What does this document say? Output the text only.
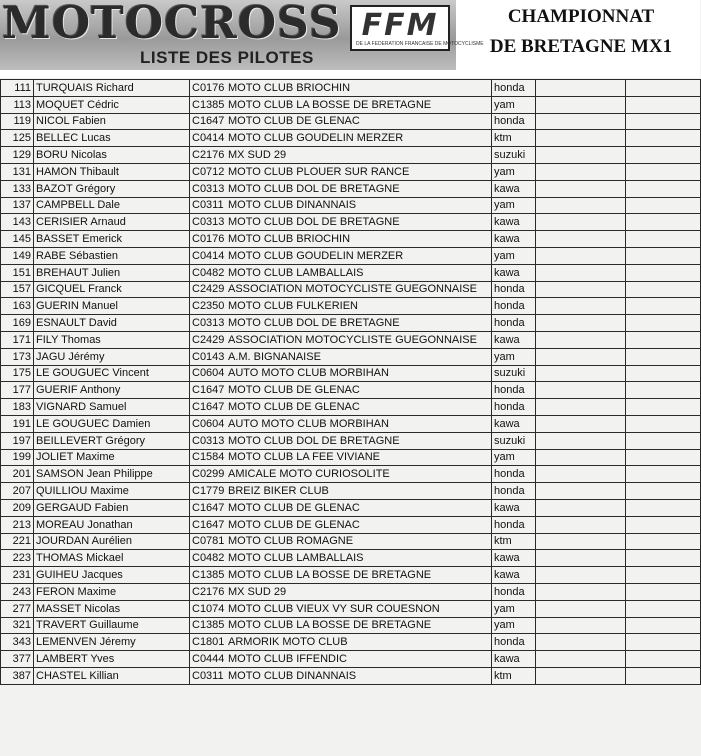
MOTOCROSS
LISTE DES PILOTES
FFM
DE LA FEDERATION FRANCAISE DE MOTOCYCLISME
CHAMPIONNAT
DE BRETAGNE MX1
111	TURQUAIS Richard	C0176 MOTO CLUB BRIOCHIN	honda			
113	MOQUET Cédric	C1385 MOTO CLUB LA BOSSE DE BRETAGNE	yam			
119	NICOL Fabien	C1647 MOTO CLUB DE GLENAC	honda			
125	BELLEC Lucas	C0414 MOTO CLUB GOUDELIN MERZER	ktm			
129	BORU Nicolas	C2176 MX SUD 29	suzuki			
131	HAMON Thibault	C0712 MOTO CLUB PLOUER SUR RANCE	yam			
133	BAZOT Grégory	C0313 MOTO CLUB DOL DE BRETAGNE	kawa			
137	CAMPBELL Dale	C0311 MOTO CLUB DINANNAIS	yam			
143	CERISIER Arnaud	C0313 MOTO CLUB DOL DE BRETAGNE	kawa			
145	BASSET Emerick	C0176 MOTO CLUB BRIOCHIN	kawa			
149	RABE Sébastien	C0414 MOTO CLUB GOUDELIN MERZER	yam			
151	BREHAUT Julien	C0482 MOTO CLUB LAMBALLAIS	kawa			
157	GICQUEL Franck	C2429 ASSOCIATION MOTOCYCLISTE GUEGONNAISE	honda			
163	GUERIN Manuel	C2350 MOTO CLUB FULKERIEN	honda			
169	ESNAULT David	C0313 MOTO CLUB DOL DE BRETAGNE	honda			
171	FILY Thomas	C2429 ASSOCIATION MOTOCYCLISTE GUEGONNAISE	kawa			
173	JAGU Jérémy	C0143 A.M. BIGNANAISE	yam			
175	LE GOUGUEC Vincent	C0604 AUTO MOTO CLUB MORBIHAN	suzuki			
177	GUERIF Anthony	C1647 MOTO CLUB DE GLENAC	honda			
183	VIGNARD Samuel	C1647 MOTO CLUB DE GLENAC	honda			
191	LE GOUGUEC Damien	C0604 AUTO MOTO CLUB MORBIHAN	kawa			
197	BEILLEVERT Grégory	C0313 MOTO CLUB DOL DE BRETAGNE	suzuki			
199	JOLIET Maxime	C1584 MOTO CLUB LA FEE VIVIANE	yam			
201	SAMSON Jean Philippe	C0299 AMICALE MOTO CURIOSOLITE	honda			
207	QUILLIOU Maxime	C1779 BREIZ BIKER CLUB	honda			
209	GERGAUD Fabien	C1647 MOTO CLUB DE GLENAC	kawa			
213	MOREAU Jonathan	C1647 MOTO CLUB DE GLENAC	honda			
221	JOURDAN Aurélien	C0781 MOTO CLUB ROMAGNE	ktm			
223	THOMAS Mickael	C0482 MOTO CLUB LAMBALLAIS	kawa			
231	GUIHEU Jacques	C1385 MOTO CLUB LA BOSSE DE BRETAGNE	kawa			
243	FERON Maxime	C2176 MX SUD 29	honda			
277	MASSET Nicolas	C1074 MOTO CLUB VIEUX VY SUR COUESNON	yam			
321	TRAVERT Guillaume	C1385 MOTO CLUB LA BOSSE DE BRETAGNE	yam			
343	LEMENVEN Jéremy	C1801 ARMORIK MOTO CLUB	honda			
377	LAMBERT Yves	C0444 MOTO CLUB IFFENDIC	kawa			
387	CHASTEL Killian	C0311 MOTO CLUB DINANNAIS	ktm			
